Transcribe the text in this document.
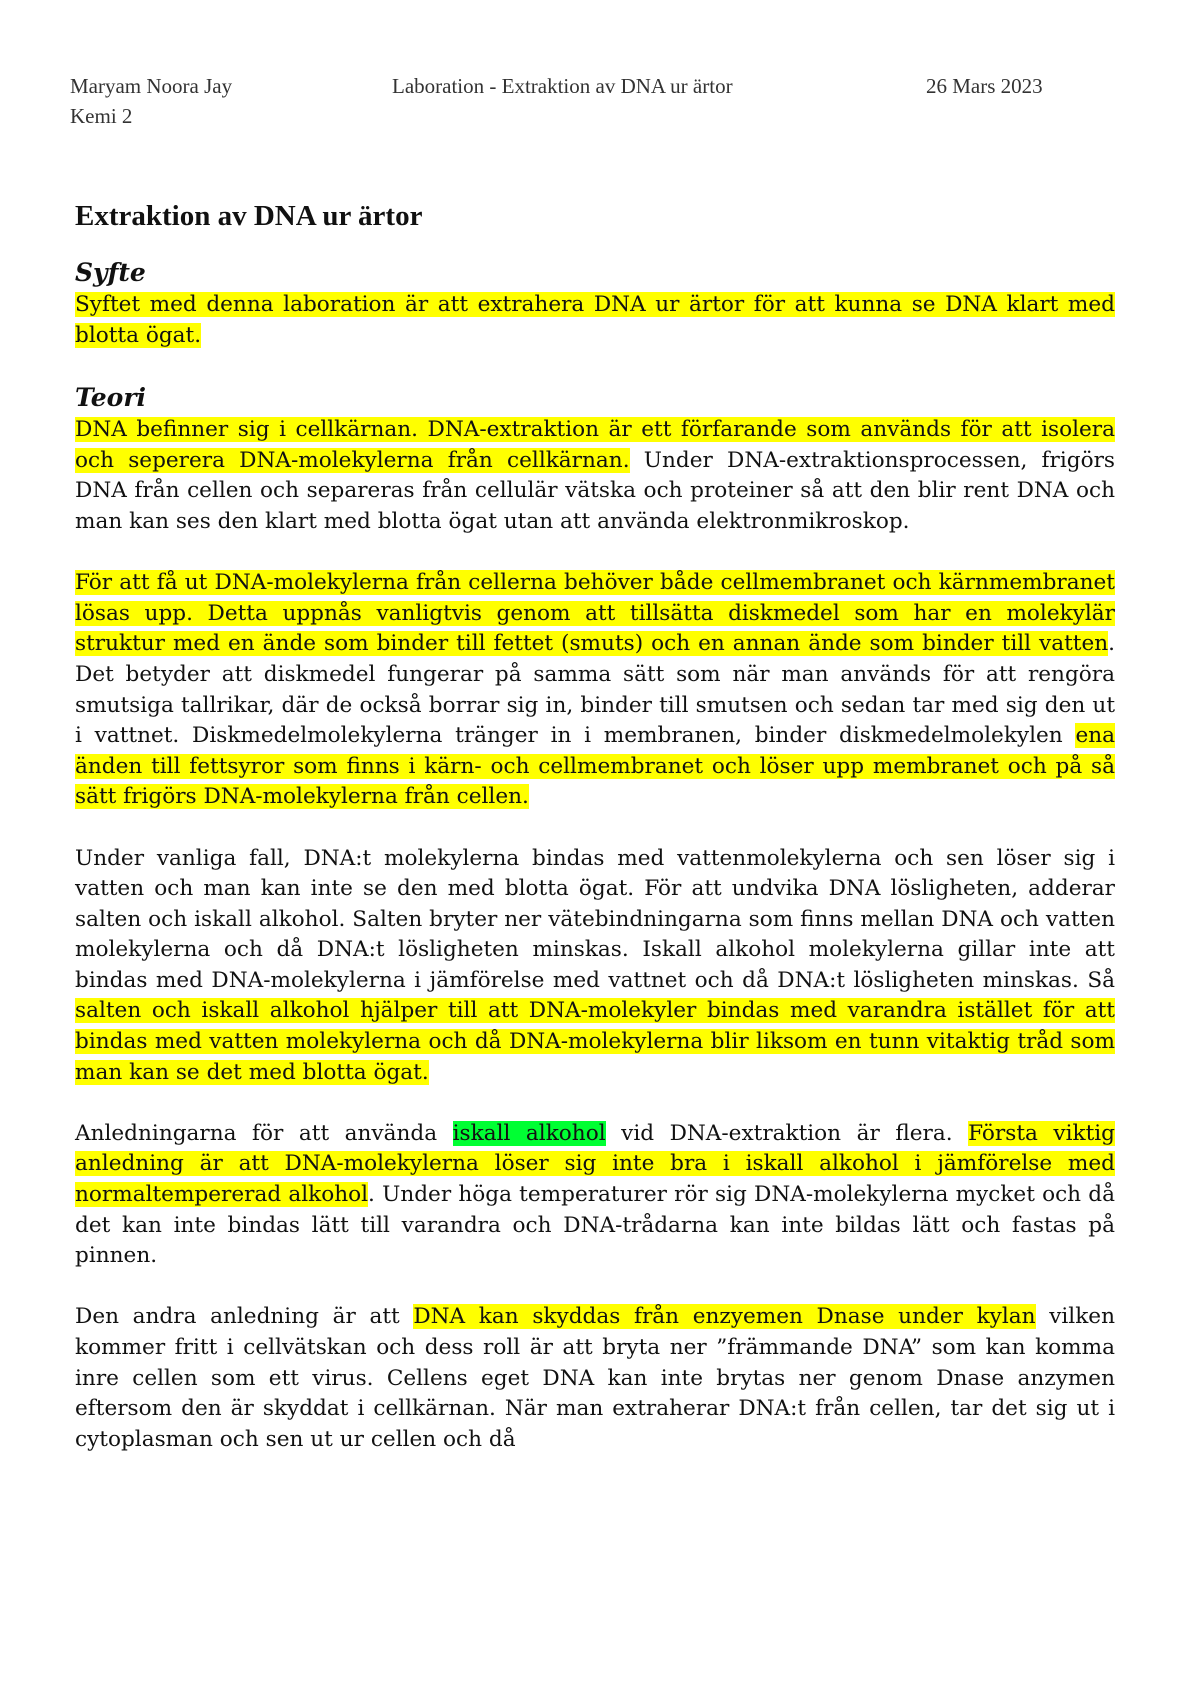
Maryam Noora Jay	Laboration - Extraktion av DNA ur ärtor	26 Mars 2023
Kemi 2
Extraktion av DNA ur ärtor
Syfte

Syftet med denna laboration är att extrahera DNA ur ärtor för att kunna se DNA klart med blotta ögat.

Teori

DNA befinner sig i cellkärnan. DNA-extraktion är ett förfarande som används för att isolera och seperera DNA-molekylerna från cellkärnan. Under DNA-extraktionsprocessen, frigörs DNA från cellen och separeras från cellulär vätska och proteiner så att den blir rent DNA och man kan ses den klart med blotta ögat utan att använda elektronmikroskop.

För att få ut DNA-molekylerna från cellerna behöver både cellmembranet och kärnmembranet lösas upp. Detta uppnås vanligtvis genom att tillsätta diskmedel som har en molekylär struktur med en ände som binder till fettet (smuts) och en annan ände som binder till vatten. Det betyder att diskmedel fungerar på samma sätt som när man används för att rengöra smutsiga tallrikar, där de också borrar sig in, binder till smutsen och sedan tar med sig den ut i vattnet. Diskmedelmolekylerna tränger in i membranen, binder diskmedelmolekylen ena änden till fettsyror som finns i kärn- och cellmembranet och löser upp membranet och på så sätt frigörs DNA-molekylerna från cellen.

Under vanliga fall, DNA:t molekylerna bindas med vattenmolekylerna och sen löser sig i vatten och man kan inte se den med blotta ögat. För att undvika DNA lösligheten, adderar salten och iskall alkohol. Salten bryter ner vätebindningarna som finns mellan DNA och vatten molekylerna och då DNA:t lösligheten minskas. Iskall alkohol molekylerna gillar inte att bindas med DNA-molekylerna i jämförelse med vattnet och då DNA:t lösligheten minskas. Så salten och iskall alkohol hjälper till att DNA-molekyler bindas med varandra istället för att bindas med vatten molekylerna och då DNA-molekylerna blir liksom en tunn vitaktig tråd som man kan se det med blotta ögat.

Anledningarna för att använda iskall alkohol vid DNA-extraktion är flera. Första viktig anledning är att DNA-molekylerna löser sig inte bra i iskall alkohol i jämförelse med normaltempererad alkohol. Under höga temperaturer rör sig DNA-molekylerna mycket och då det kan inte bindas lätt till varandra och DNA-trådarna kan inte bildas lätt och fastas på pinnen.

Den andra anledning är att DNA kan skyddas från enzyemen Dnase under kylan vilken kommer fritt i cellvätskan och dess roll är att bryta ner ”främmande DNA” som kan komma inre cellen som ett virus. Cellens eget DNA kan inte brytas ner genom Dnase anzymen eftersom den är skyddat i cellkärnan. När man extraherar DNA:t från cellen, tar det sig ut i cytoplasman och sen ut ur cellen och då
